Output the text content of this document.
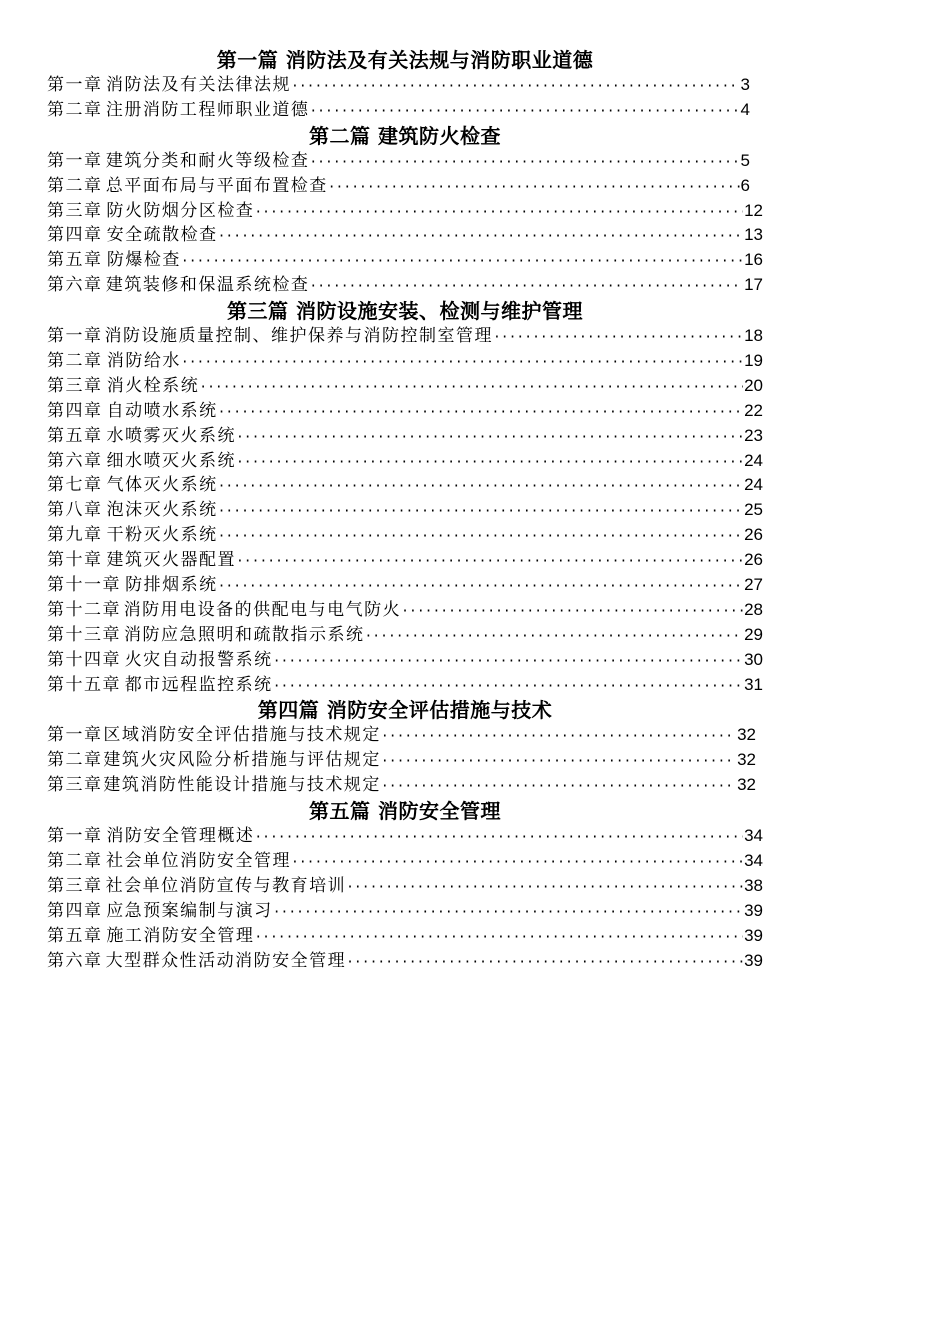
第一篇 消防法及有关法规与消防职业道德
第一章 消防法及有关法律法规 ·····	3
第二章 注册消防工程师职业道德 ·····	4
第二篇 建筑防火检查
第一章 建筑分类和耐火等级检查 ·····	5
第二章 总平面布局与平面布置检查 ·····	6
第三章 防火防烟分区检查 ·····	12
第四章 安全疏散检查 ·····	13
第五章 防爆检查 ·····	16
第六章 建筑装修和保温系统检查 ·····	17
第三篇 消防设施安装、检测与维护管理
第一章 消防设施质量控制、维护保养与消防控制室管理 ·····	18
第二章 消防给水 ·····	19
第三章 消火栓系统 ·····	20
第四章 自动喷水系统 ·····	22
第五章 水喷雾灭火系统 ·····	23
第六章 细水喷灭火系统 ·····	24
第七章 气体灭火系统 ·····	24
第八章 泡沫灭火系统 ·····	25
第九章 干粉灭火系统 ·····	26
第十章 建筑灭火器配置 ·····	26
第十一章 防排烟系统 ·····	27
第十二章 消防用电设备的供配电与电气防火 ·····	28
第十三章 消防应急照明和疏散指示系统 ·····	29
第十四章 火灾自动报警系统 ·····	30
第十五章 都市远程监控系统 ·····	31
第四篇 消防安全评估措施与技术
第一章 区域消防安全评估措施与技术规定 ·····	32
第二章 建筑火灾风险分析措施与评估规定 ·····	32
第三章 建筑消防性能设计措施与技术规定 ·····	32
第五篇 消防安全管理
第一章 消防安全管理概述 ·····	34
第二章 社会单位消防安全管理 ·····	34
第三章 社会单位消防宣传与教育培训 ·····	38
第四章 应急预案编制与演习 ·····	39
第五章 施工消防安全管理 ·····	39
第六章 大型群众性活动消防安全管理 ·····	39
